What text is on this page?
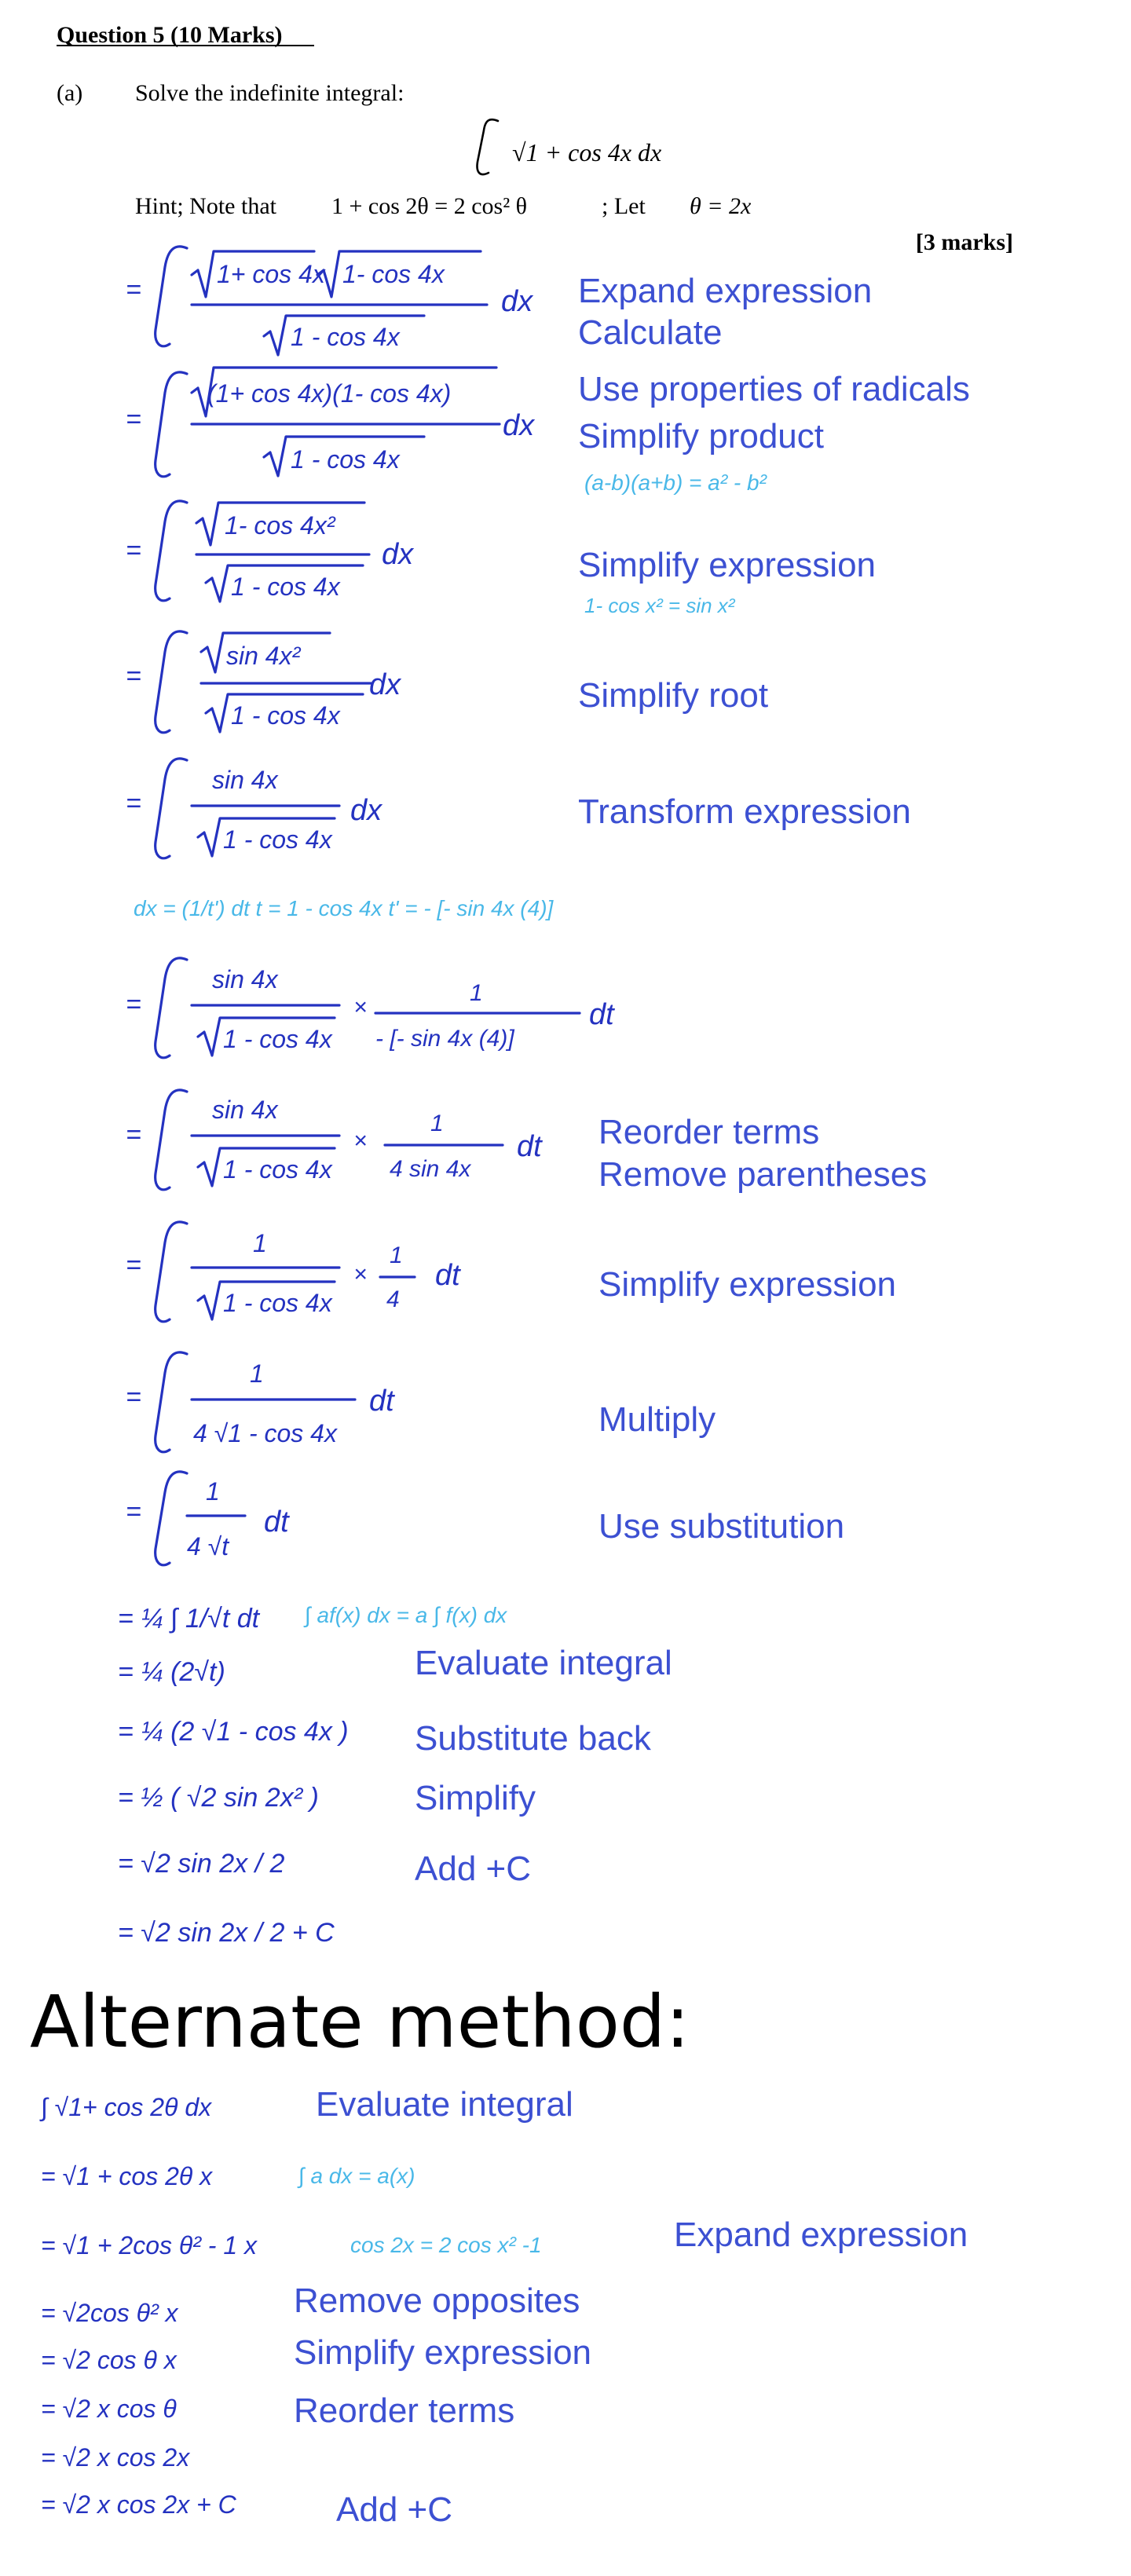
Question 5 (10 Marks)
(a) Solve the indefinite integral:
√1 + cos 4x dx
Hint; Note that 1 + cos 2θ = 2 cos² θ	; Let θ = 2x
[3 marks]
=
1+ cos 4x 1- cos 4x
1 - cos 4x
dx Expand expression
Calculate
=
(1+ cos 4x)(1- cos 4x)
1 - cos 4x
dx
Use properties of radicals
Simplify product
(a-b)(a+b) = a² - b²
=
1- cos 4x²
1 - cos 4x
dx	Simplify expression
1- cos x² = sin x²
=
sin 4x²
1 - cos 4x
dx	Simplify root
=
sin 4x
1 - cos 4x
dx	Transform expression
dx = (1/t') dt t = 1 - cos 4x t' = - [- sin 4x (4)]
=
sin 4x
1 - cos 4x
×
1
- [- sin 4x (4)]
dt
=
sin 4x
1 - cos 4x
×
1
4 sin 4x
dt Reorder terms
Remove parentheses
=
1
1 - cos 4x
×
1
4
dt	Simplify expression
=
1
4 √1 - cos 4x
dt	Multiply
=
1
4 √t
dt	Use substitution
= ¼ ∫ 1/√t dt ∫ af(x) dx = a ∫ f(x) dx
= ¼ (2√t)	Evaluate integral
= ¼ (2 √1 - cos 4x ) Substitute back
= ½ ( √2 sin 2x² )	Simplify
= √2 sin 2x / 2	Add +C
= √2 sin 2x / 2 + C
Alternate method:
∫ √1+ cos 2θ dx	Evaluate integral
= √1 + cos 2θ x	∫ a dx = a(x)
= √1 + 2cos θ² - 1 x	cos 2x = 2 cos x² -1	Expand expression
= √2cos θ² x	Remove opposites
= √2 cos θ x	Simplify expression
= √2 x cos θ	Reorder terms
= √2 x cos 2x
= √2 x cos 2x + C	Add +C
